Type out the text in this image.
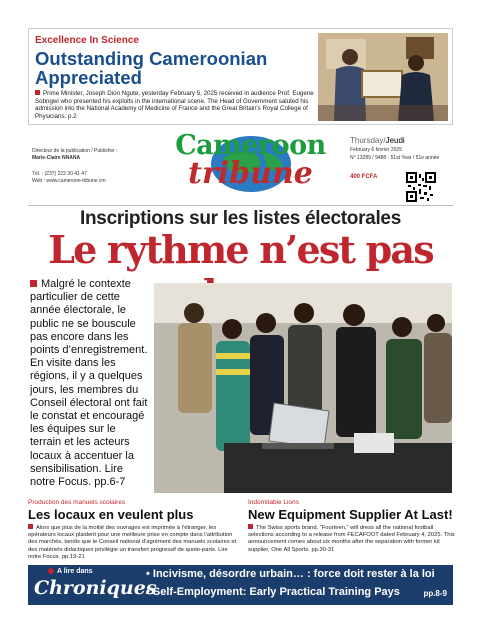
Excellence In Science
Outstanding Cameroonian Appreciated
Prime Minister, Joseph Dion Ngute, yesterday February 5, 2025 received in audience Prof. Eugene Sobngwi who presented his exploits in the international scene. The Head of Government saluted his admission into the National Academy of Medicine of France and the Great Britain's Royal College of Physicians. p.2
Directeur de la publication / Publisher :
Marie-Claire NNANA
Tél. : (237) 222 30 41 47
Web : www.cameroon-tribune.cm
Cameroon
tribune
Thursday/Jeudi
February 6 février 2025
N° 13289 / 9488 · 51st Year / 51e année
400 FCFA
Inscriptions sur les listes électorales
Le rythme n’est pas
Malgré le contexte particulier de cette année électorale, le public ne se bouscule pas encore dans les points d’enregistrement. En visite dans les régions, il y a quelques jours, les membres du Conseil électoral ont fait le constat et encouragé les équipes sur le terrain et les acteurs locaux à accentuer la sensibilisation. Lire notre Focus. pp.6-7
Production des manuels scolaires
Les locaux en veulent plus
Alors que plus de la moitié des ouvrages est imprimée à l’étranger, les opérateurs locaux plaident pour une meilleure prise en compte dans l’attribution des marchés, tandis que le Conseil national d’agrément des manuels scolaires et des matériels didactiques privilégie un transfert progressif de quote-parts. Lire notre Focus. pp.19-21
Indomitable Lions
New Equipment Supplier At Last!
The Swiss sports brand, “Fourteen,” will dress all the national football selections according to a release from FECAFOOT dated February 4, 2025. This announcement comes about six months after the separation with former kit supplier, One All Sports. pp.30-31
A lire dans
Chroniques
• Incivisme, désordre urbain… : force doit rester à la loi
• Self-Employment: Early Practical Training Pays	pp.8-9
